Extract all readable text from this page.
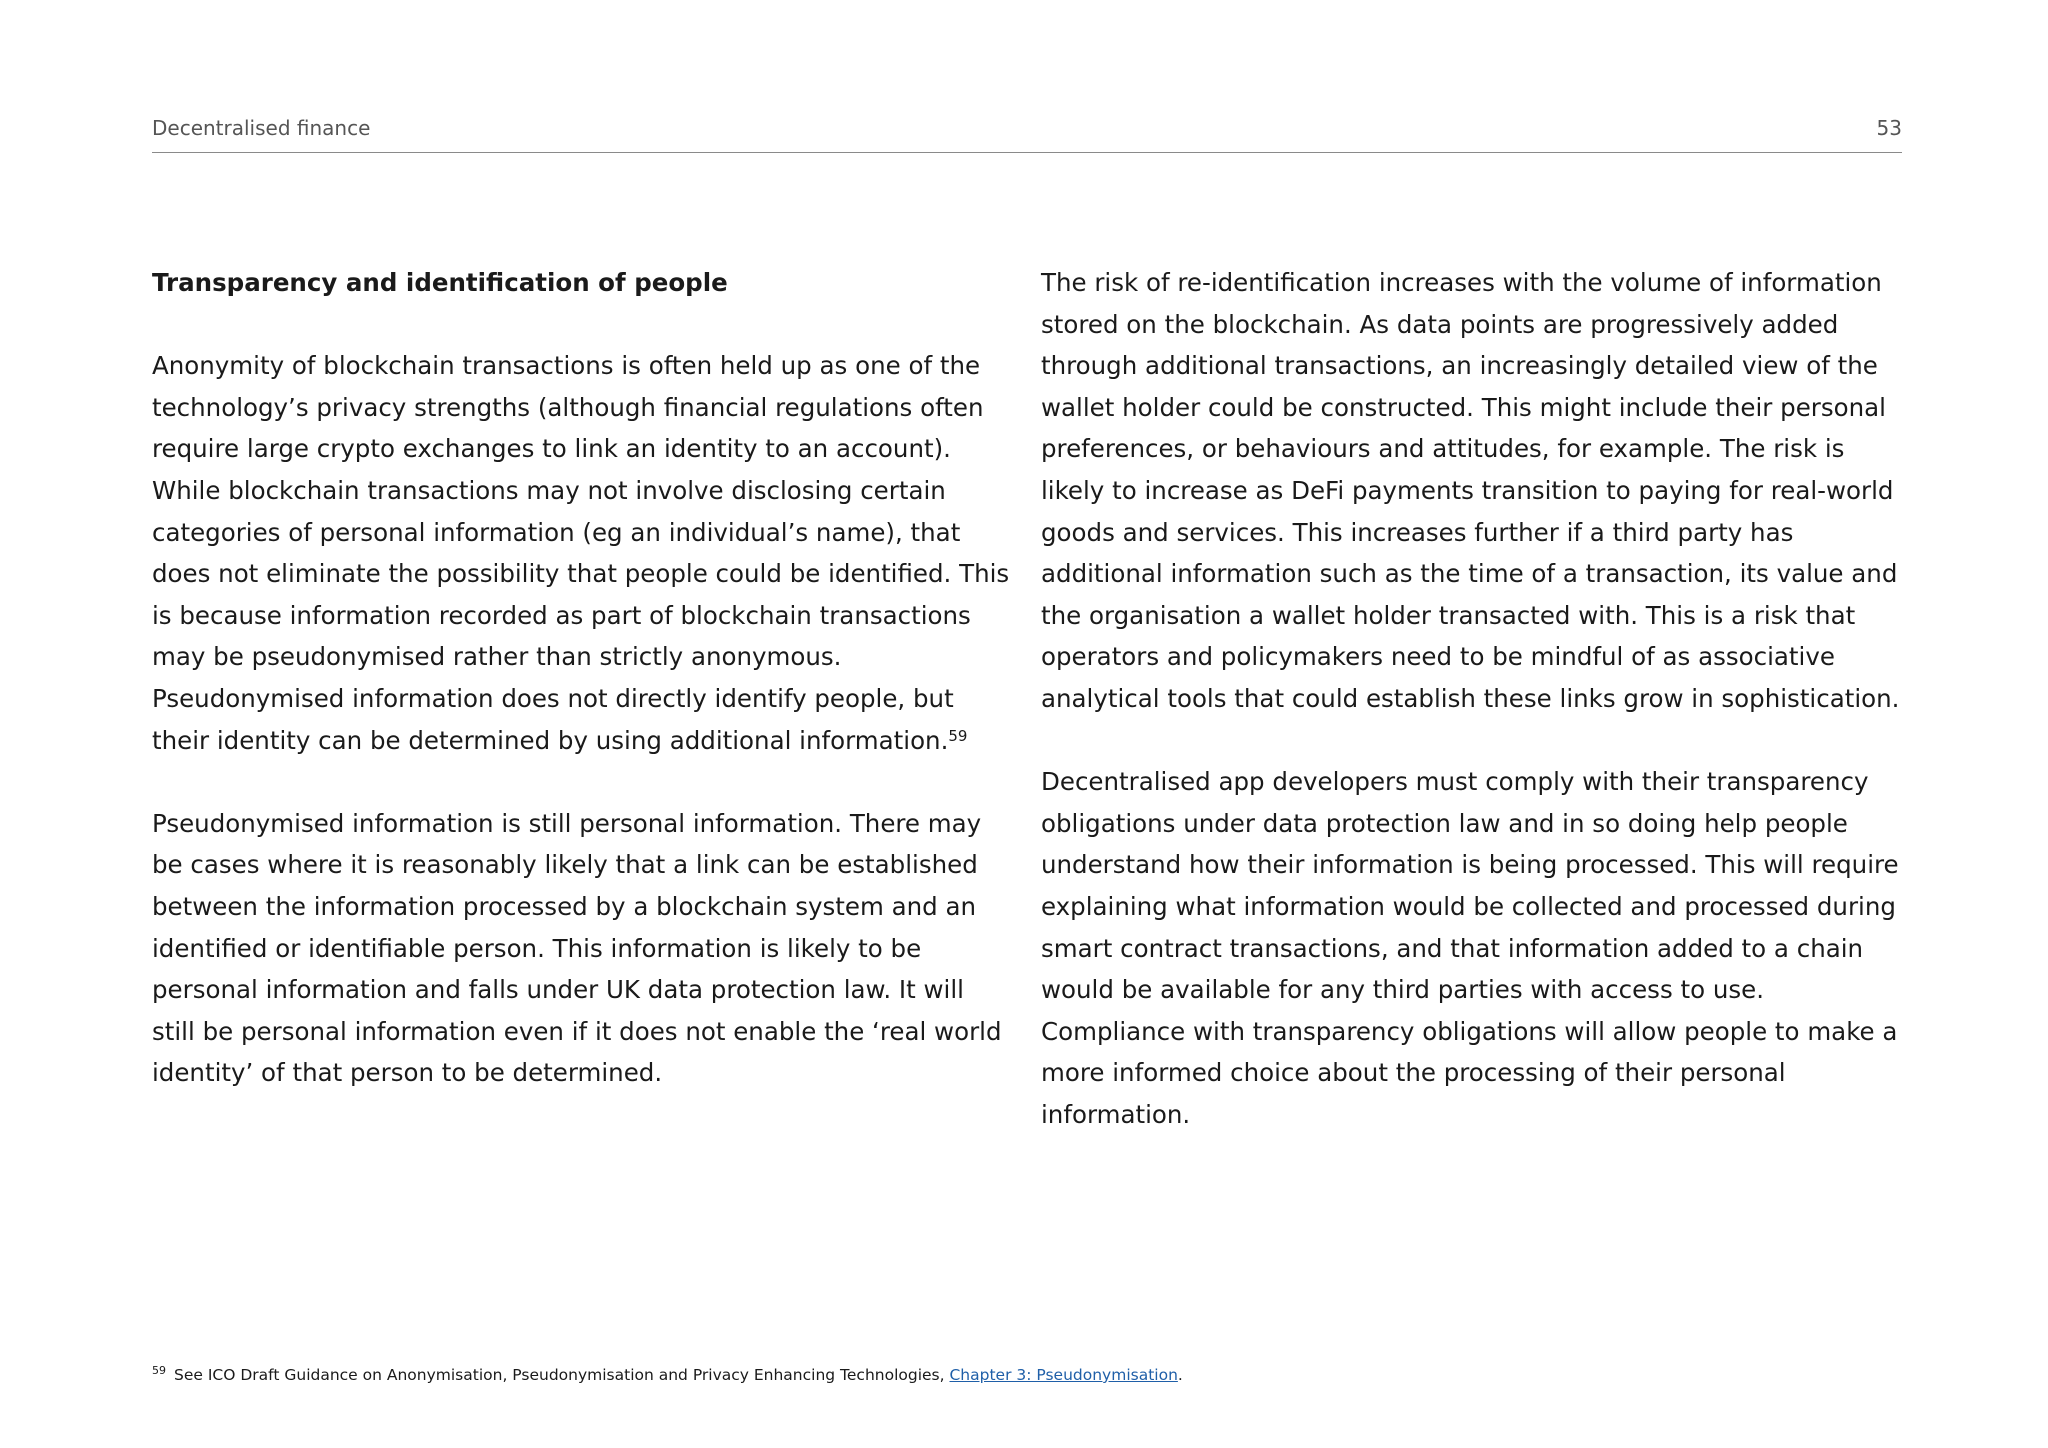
Decentralised finance	53
Transparency and identification of people

Anonymity of blockchain transactions is often held up as one of the technology’s privacy strengths (although financial regulations often require large crypto exchanges to link an identity to an account). While blockchain transactions may not involve disclosing certain categories of personal information (eg an individual’s name), that does not eliminate the possibility that people could be identified. This is because information recorded as part of blockchain transactions may be pseudonymised rather than strictly anonymous. Pseudonymised information does not directly identify people, but their identity can be determined by using additional information.$^{59}$

Pseudonymised information is still personal information. There may be cases where it is reasonably likely that a link can be established between the information processed by a blockchain system and an identified or identifiable person. This information is likely to be personal information and falls under UK data protection law. It will still be personal information even if it does not enable the ‘real world identity’ of that person to be determined.

The risk of re-identification increases with the volume of information stored on the blockchain. As data points are progressively added through additional transactions, an increasingly detailed view of the wallet holder could be constructed. This might include their personal preferences, or behaviours and attitudes, for example. The risk is likely to increase as DeFi payments transition to paying for real-world goods and services. This increases further if a third party has additional information such as the time of a transaction, its value and the organisation a wallet holder transacted with. This is a risk that operators and policymakers need to be mindful of as associative analytical tools that could establish these links grow in sophistication.

Decentralised app developers must comply with their transparency obligations under data protection law and in so doing help people understand how their information is being processed. This will require explaining what information would be collected and processed during smart contract transactions, and that information added to a chain would be available for any third parties with access to use. Compliance with transparency obligations will allow people to make a more informed choice about the processing of their personal information.

$^{59}$ See ICO Draft Guidance on Anonymisation, Pseudonymisation and Privacy Enhancing Technologies, Chapter 3: Pseudonymisation.
